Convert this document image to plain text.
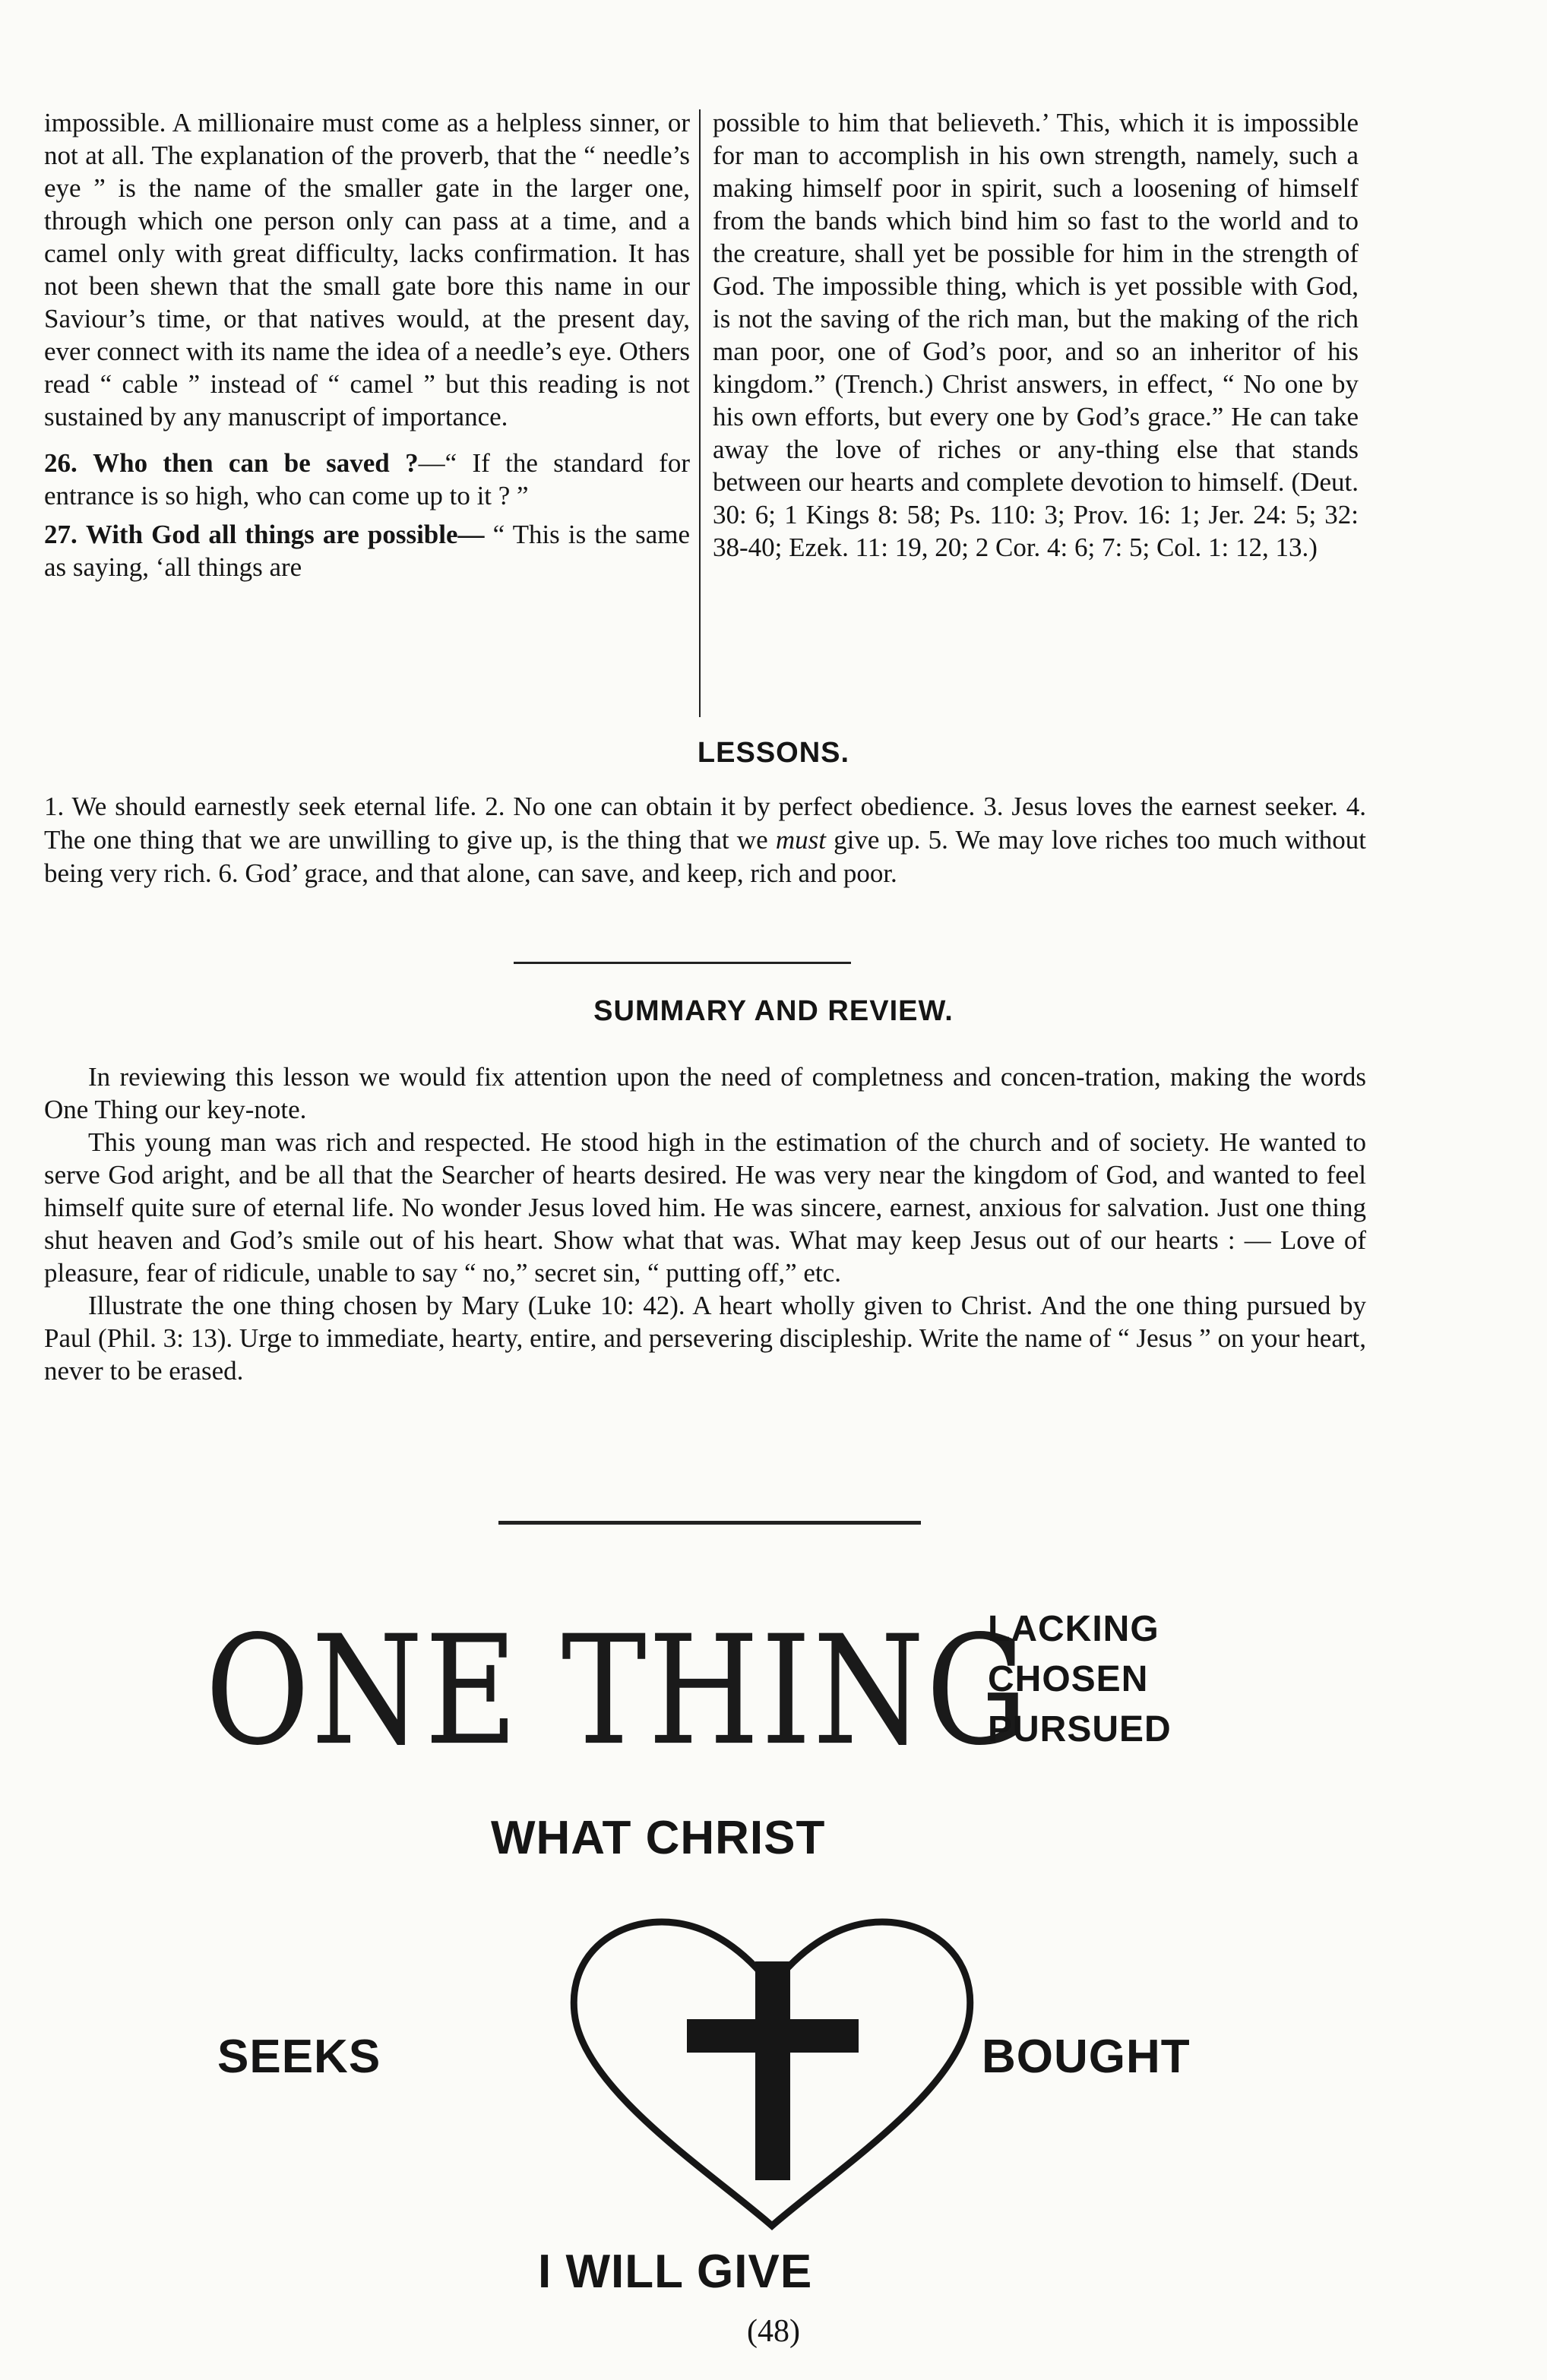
impossible. A millionaire must come as a helpless sinner, or not at all. The explanation of the proverb, that the “ needle’s eye ” is the name of the smaller gate in the larger one, through which one person only can pass at a time, and a camel only with great difficulty, lacks confirmation. It has not been shewn that the small gate bore this name in our Saviour’s time, or that natives would, at the present day, ever connect with its name the idea of a needle’s eye. Others read “ cable ” instead of “ camel ” but this reading is not sustained by any manuscript of importance.

26. Who then can be saved ?—“ If the standard for entrance is so high, who can come up to it ? ”

27. With God all things are possible— “ This is the same as saying, ‘all things are

possible to him that believeth.’ This, which it is impossible for man to accomplish in his own strength, namely, such a making himself poor in spirit, such a loosening of himself from the bands which bind him so fast to the world and to the creature, shall yet be possible for him in the strength of God. The impossible thing, which is yet possible with God, is not the saving of the rich man, but the making of the rich man poor, one of God’s poor, and so an inheritor of his kingdom.” (Trench.) Christ answers, in effect, “ No one by his own efforts, but every one by God’s grace.” He can take away the love of riches or any-thing else that stands between our hearts and complete devotion to himself. (Deut. 30: 6; 1 Kings 8: 58; Ps. 110: 3; Prov. 16: 1; Jer. 24: 5; 32: 38-40; Ezek. 11: 19, 20; 2 Cor. 4: 6; 7: 5; Col. 1: 12, 13.)

LESSONS.

1. We should earnestly seek eternal life. 2. No one can obtain it by perfect obedience. 3. Jesus loves the earnest seeker. 4. The one thing that we are unwilling to give up, is the thing that we must give up. 5. We may love riches too much without being very rich. 6. God’ grace, and that alone, can save, and keep, rich and poor.

SUMMARY AND REVIEW.

In reviewing this lesson we would fix attention upon the need of completness and concen-tration, making the words One Thing our key-note.

This young man was rich and respected. He stood high in the estimation of the church and of society. He wanted to serve God aright, and be all that the Searcher of hearts desired. He was very near the kingdom of God, and wanted to feel himself quite sure of eternal life. No wonder Jesus loved him. He was sincere, earnest, anxious for salvation. Just one thing shut heaven and God’s smile out of his heart. Show what that was. What may keep Jesus out of our hearts : — Love of pleasure, fear of ridicule, unable to say “ no,” secret sin, “ putting off,” etc.

Illustrate the one thing chosen by Mary (Luke 10: 42). A heart wholly given to Christ. And the one thing pursued by Paul (Phil. 3: 13). Urge to immediate, hearty, entire, and persevering discipleship. Write the name of “ Jesus ” on your heart, never to be erased.

ONE THING
LACKING
CHOSEN
PURSUED
WHAT CHRIST
SEEKS	BOUGHT
I WILL GIVE
(48)
